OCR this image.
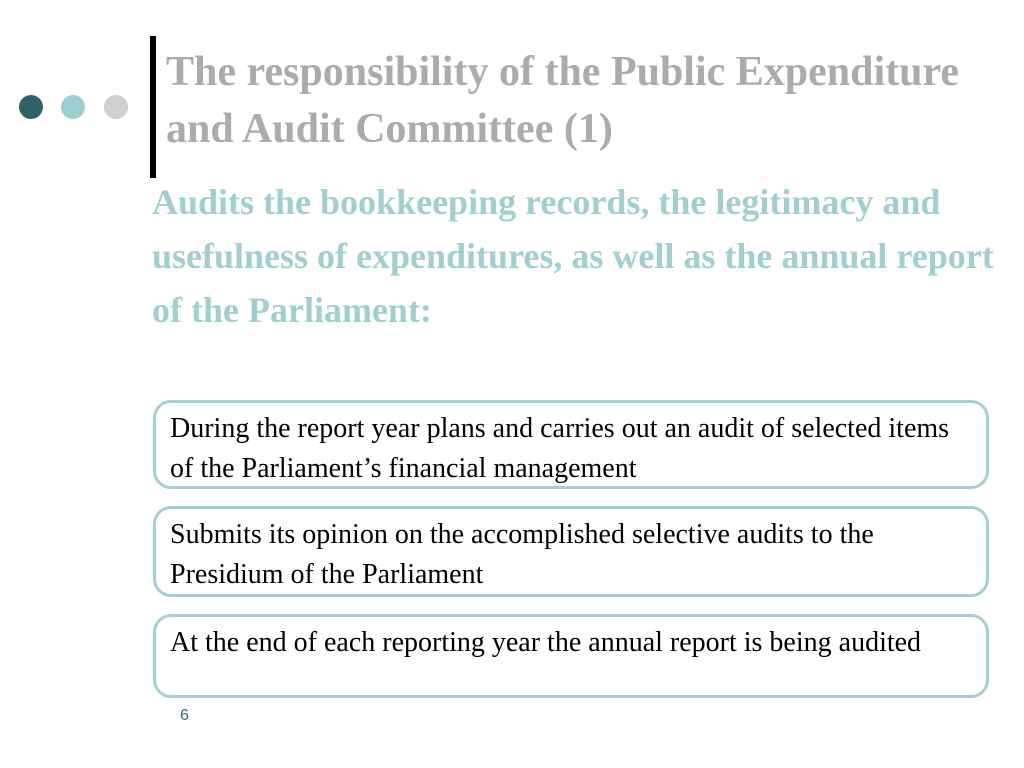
The responsibility of the Public Expenditure and Audit Committee (1)

Audits the bookkeeping records, the legitimacy and usefulness of expenditures, as well as the annual report of the Parliament:

During the report year plans and carries out an audit of selected items of the Parliament’s financial management
Submits its opinion on the accomplished selective audits to the Presidium of the Parliament
At the end of each reporting year the annual report is being audited
6
